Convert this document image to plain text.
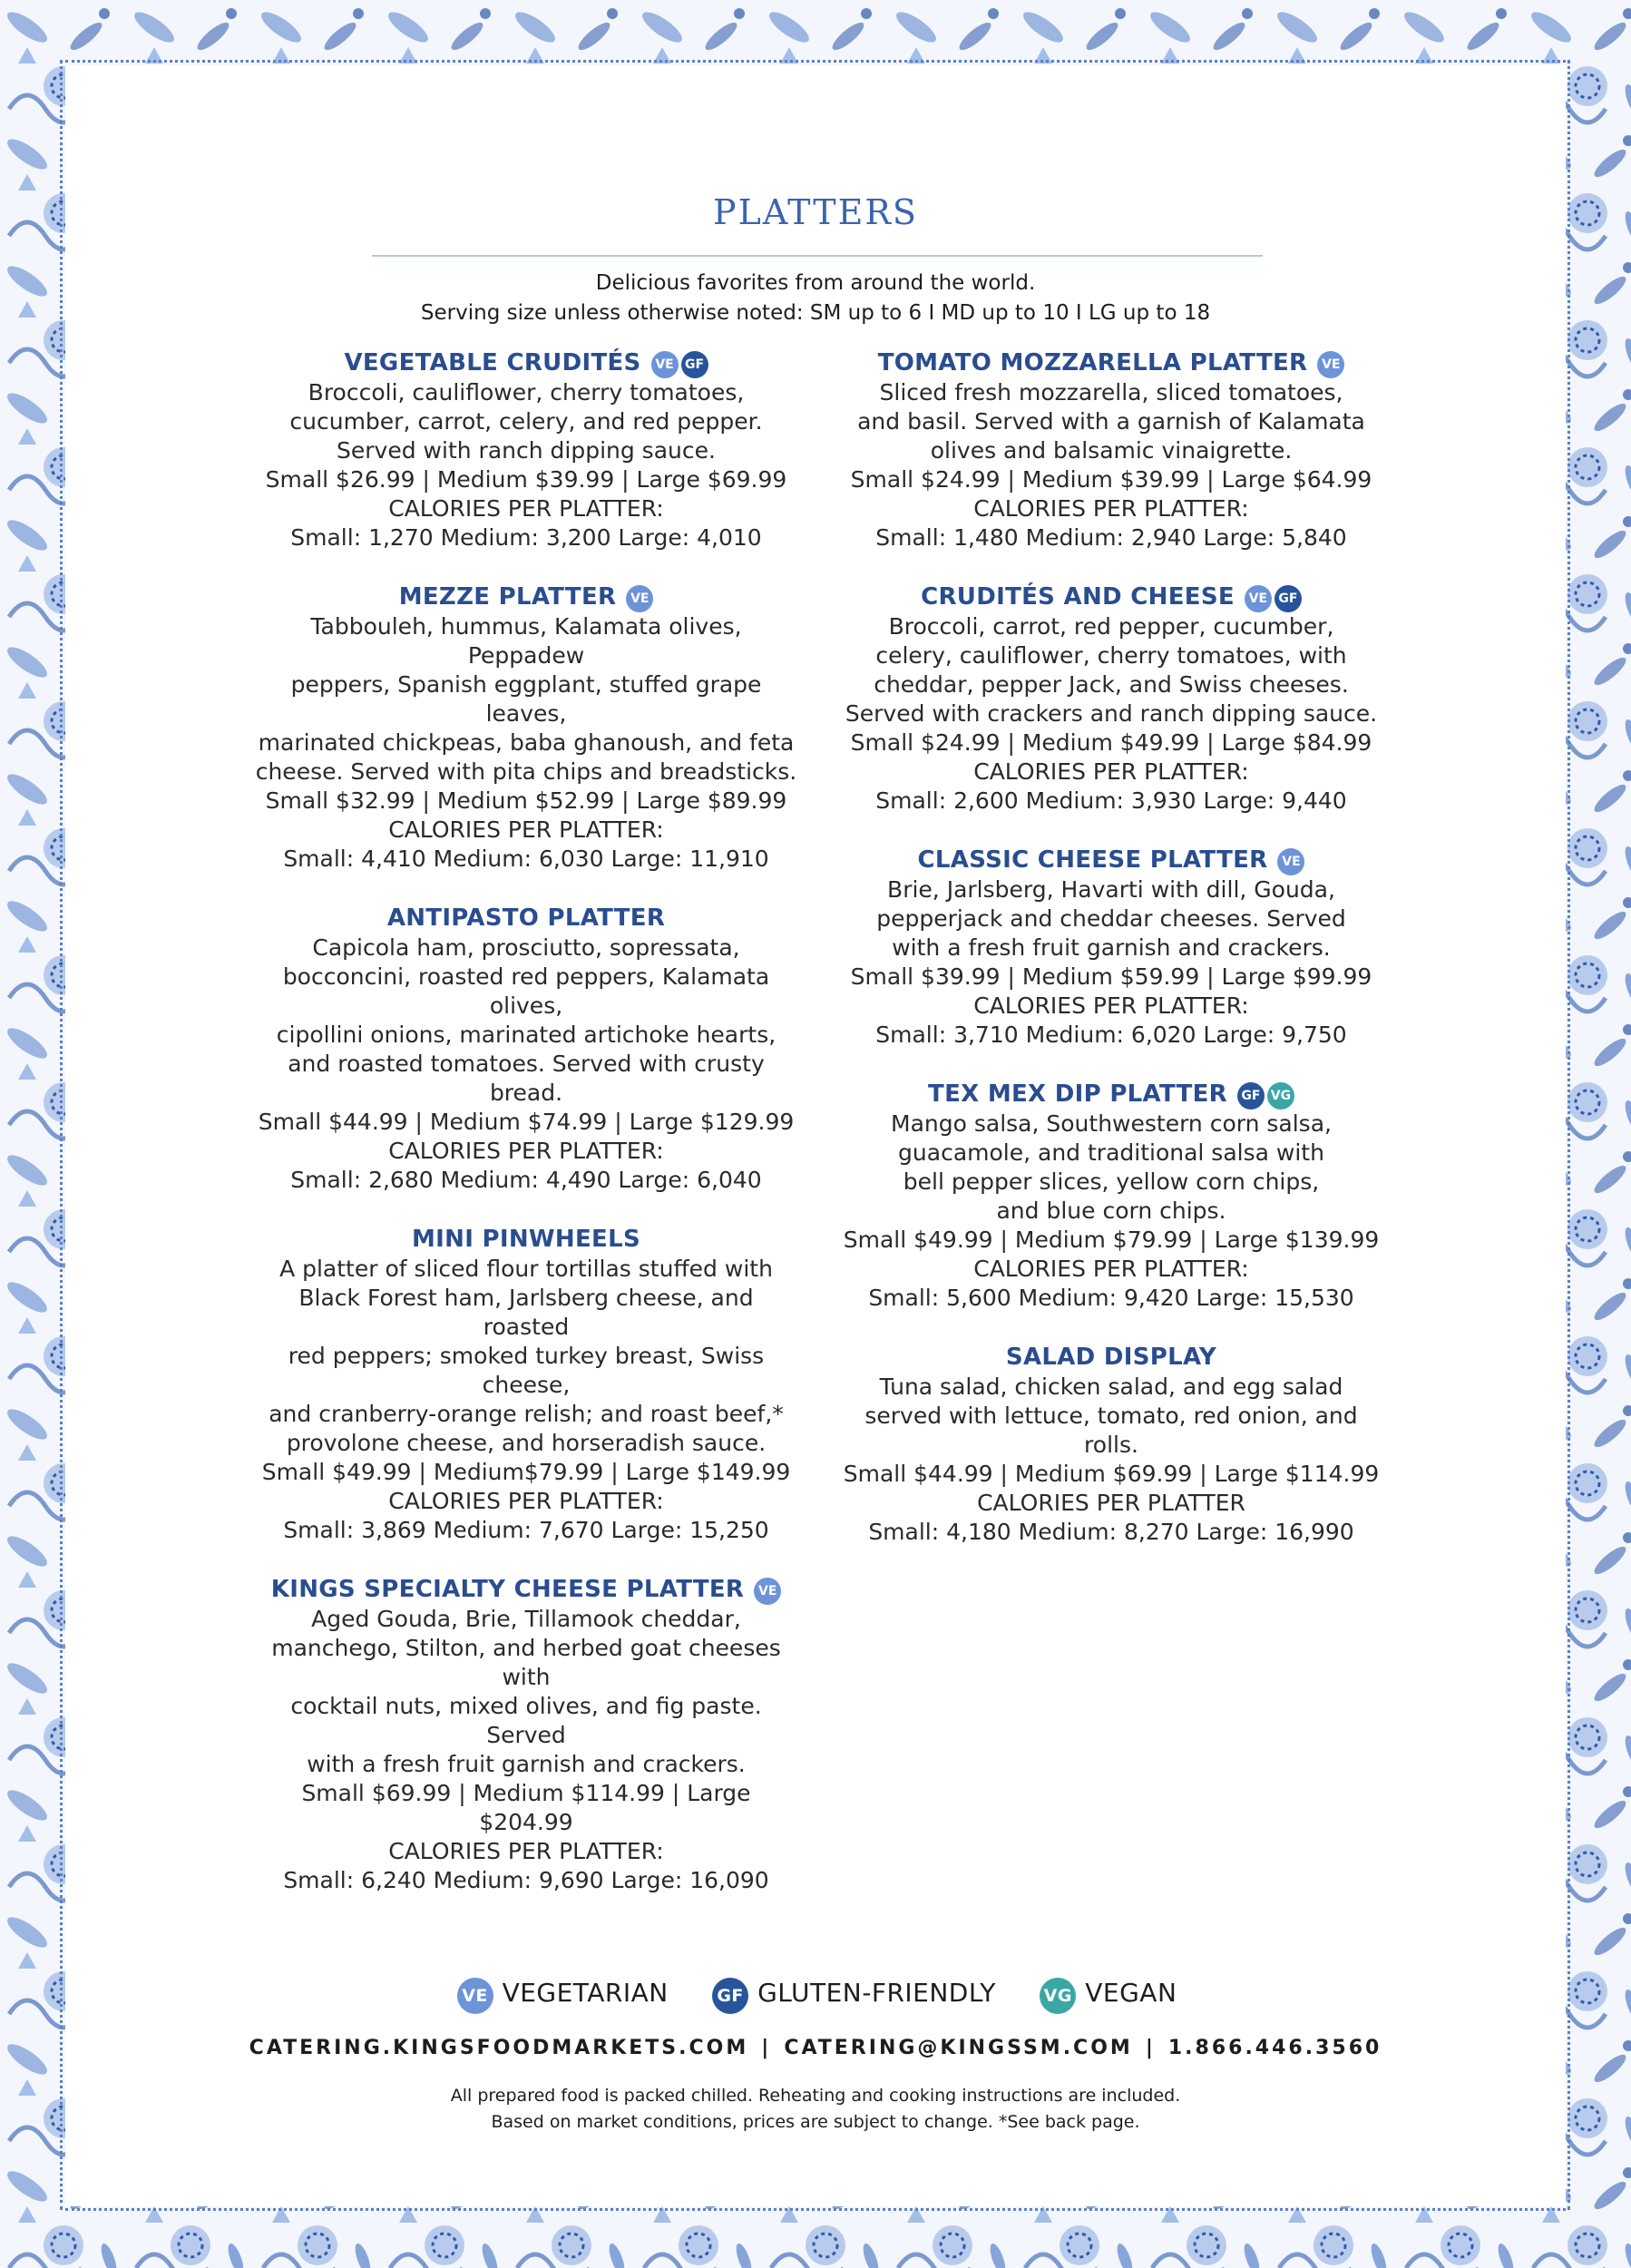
PLATTERS
Delicious favorites from around the world.
Serving size unless otherwise noted: SM up to 6 I MD up to 10 I LG up to 18
VEGETABLE CRUDITÉS VE GF
Broccoli, cauliflower, cherry tomatoes,
cucumber, carrot, celery, and red pepper.
Served with ranch dipping sauce.
Small $26.99 | Medium $39.99 | Large $69.99
CALORIES PER PLATTER:
Small: 1,270 Medium: 3,200 Large: 4,010
MEZZE PLATTER VE
Tabbouleh, hummus, Kalamata olives, Peppadew
peppers, Spanish eggplant, stuffed grape leaves,
marinated chickpeas, baba ghanoush, and feta
cheese. Served with pita chips and breadsticks.
Small $32.99 | Medium $52.99 | Large $89.99
CALORIES PER PLATTER:
Small: 4,410 Medium: 6,030 Large: 11,910
ANTIPASTO PLATTER
Capicola ham, prosciutto, sopressata,
bocconcini, roasted red peppers, Kalamata olives,
cipollini onions, marinated artichoke hearts,
and roasted tomatoes. Served with crusty bread.
Small $44.99 | Medium $74.99 | Large $129.99
CALORIES PER PLATTER:
Small: 2,680 Medium: 4,490 Large: 6,040
MINI PINWHEELS
A platter of sliced flour tortillas stuffed with
Black Forest ham, Jarlsberg cheese, and roasted
red peppers; smoked turkey breast, Swiss cheese,
and cranberry-orange relish; and roast beef,*
provolone cheese, and horseradish sauce.
Small $49.99 | Medium$79.99 | Large $149.99
CALORIES PER PLATTER:
Small: 3,869 Medium: 7,670 Large: 15,250
KINGS SPECIALTY CHEESE PLATTER VE
Aged Gouda, Brie, Tillamook cheddar,
manchego, Stilton, and herbed goat cheeses with
cocktail nuts, mixed olives, and fig paste. Served
with a fresh fruit garnish and crackers.
Small $69.99 | Medium $114.99 | Large $204.99
CALORIES PER PLATTER:
Small: 6,240 Medium: 9,690 Large: 16,090
TOMATO MOZZARELLA PLATTER VE
Sliced fresh mozzarella, sliced tomatoes,
and basil. Served with a garnish of Kalamata
olives and balsamic vinaigrette.
Small $24.99 | Medium $39.99 | Large $64.99
CALORIES PER PLATTER:
Small: 1,480 Medium: 2,940 Large: 5,840
CRUDITÉS AND CHEESE VE GF
Broccoli, carrot, red pepper, cucumber,
celery, cauliflower, cherry tomatoes, with
cheddar, pepper Jack, and Swiss cheeses.
Served with crackers and ranch dipping sauce.
Small $24.99 | Medium $49.99 | Large $84.99
CALORIES PER PLATTER:
Small: 2,600 Medium: 3,930 Large: 9,440
CLASSIC CHEESE PLATTER VE
Brie, Jarlsberg, Havarti with dill, Gouda,
pepperjack and cheddar cheeses. Served
with a fresh fruit garnish and crackers.
Small $39.99 | Medium $59.99 | Large $99.99
CALORIES PER PLATTER:
Small: 3,710 Medium: 6,020 Large: 9,750
TEX MEX DIP PLATTER GF VG
Mango salsa, Southwestern corn salsa,
guacamole, and traditional salsa with
bell pepper slices, yellow corn chips,
and blue corn chips.
Small $49.99 | Medium $79.99 | Large $139.99
CALORIES PER PLATTER:
Small: 5,600 Medium: 9,420 Large: 15,530
SALAD DISPLAY
Tuna salad, chicken salad, and egg salad
served with lettuce, tomato, red onion, and rolls.
Small $44.99 | Medium $69.99 | Large $114.99
CALORIES PER PLATTER
Small: 4,180 Medium: 8,270 Large: 16,990
VE VEGETARIAN	GF GLUTEN-FRIENDLY	VG VEGAN
CATERING.KINGSFOODMARKETS.COM | CATERING@KINGSSM.COM | 1.866.446.3560
All prepared food is packed chilled. Reheating and cooking instructions are included.
Based on market conditions, prices are subject to change. *See back page.
